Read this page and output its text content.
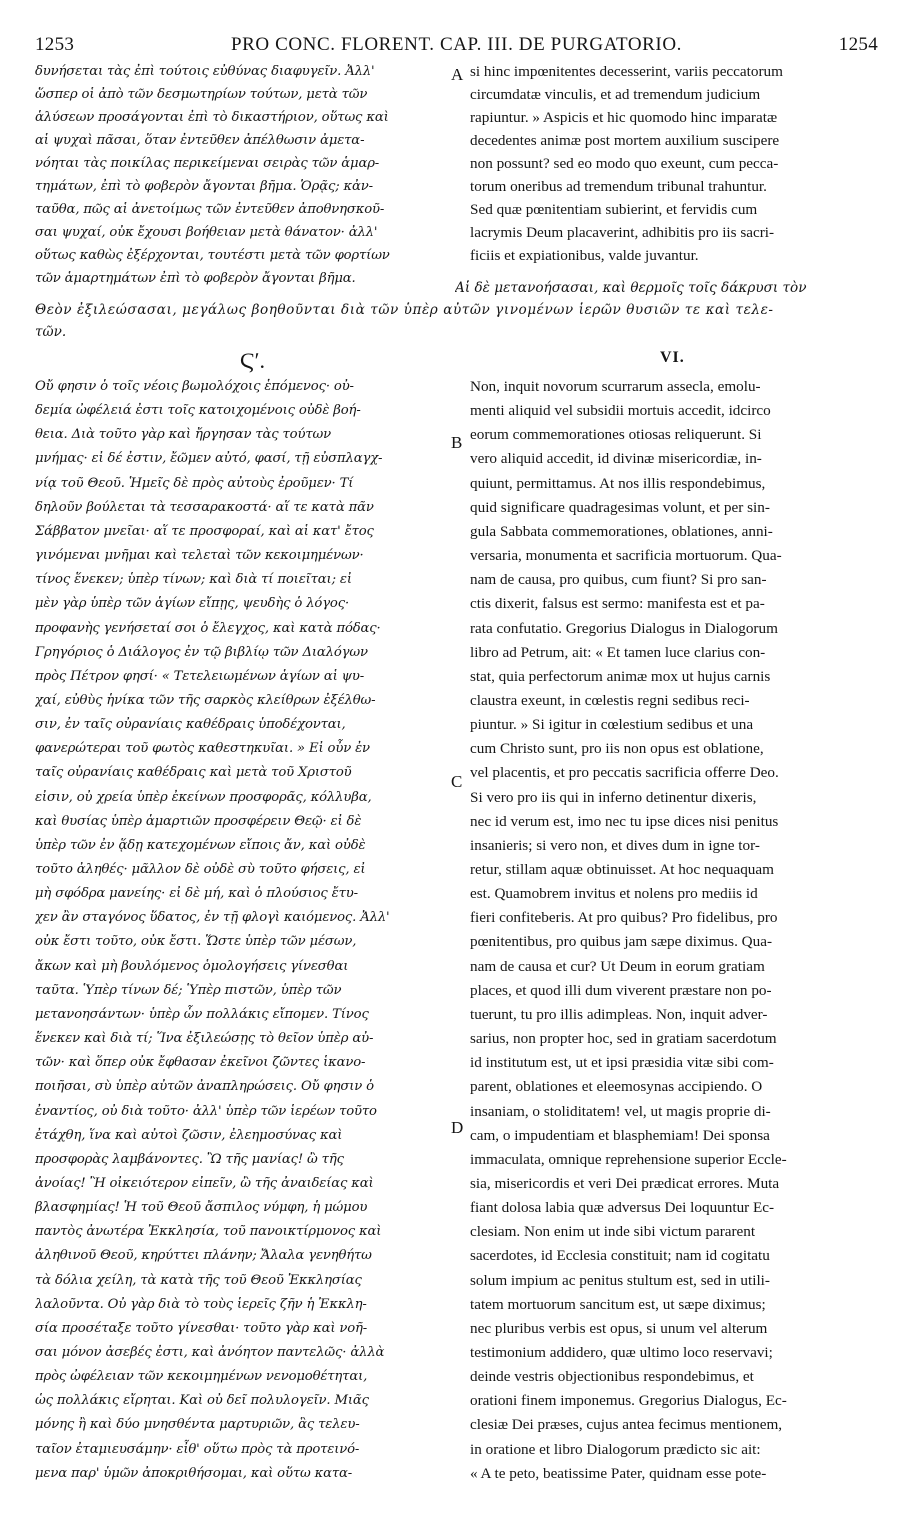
PRO CONC. FLORENT. CAP. III. DE PURGATORIO.
1253	1254
δυνήσεται τὰς ἐπὶ τούτοις εὐθύνας διαφυγεῖν. Ἀλλ'
ὥσπερ οἱ ἀπὸ τῶν δεσμωτηρίων τούτων, μετὰ τῶν
ἁλύσεων προσάγονται ἐπὶ τὸ δικαστήριον, οὕτως καὶ
αἱ ψυχαὶ πᾶσαι, ὅταν ἐντεῦθεν ἀπέλθωσιν ἀμετα-
νόηται τὰς ποικίλας περικείμεναι σειρὰς τῶν ἁμαρ-
τημάτων, ἐπὶ τὸ φοβερὸν ἄγονται βῆμα. Ὁρᾷς; κἀν-
ταῦθα, πῶς αἱ ἀνετοίμως τῶν ἐντεῦθεν ἀποθνησκοῦ-
σαι ψυχαί, οὐκ ἔχουσι βοήθειαν μετὰ θάνατον· ἀλλ'
οὕτως καθὼς ἐξέρχονται, τουτέστι μετὰ τῶν φορτίων
τῶν ἁμαρτημάτων ἐπὶ τὸ φοβερὸν ἄγονται βῆμα.
si hinc impœnitentes decesserint, variis peccatorum
circumdatæ vinculis, et ad tremendum judicium
rapiuntur. » Aspicis et hic quomodo hinc imparatæ
decedentes animæ post mortem auxilium suscipere
non possunt? sed eo modo quo exeunt, cum pecca-
torum oneribus ad tremendum tribunal trahuntur.
Sed quæ pœnitentiam subierint, et fervidis cum
lacrymis Deum placaverint, adhibitis pro iis sacri-
ficiis et expiationibus, valde juvantur.
Αἱ δὲ μετανοήσασαι, καὶ θερμοῖς τοῖς δάκρυσι τὸν
Θεὸν ἐξιλεώσασαι, μεγάλως βοηθοῦνται διὰ τῶν ὑπὲρ αὐτῶν γινομένων ἱερῶν θυσιῶν τε καὶ τελε-
τῶν.
Ϛʹ.	VI.
Οὔ φησιν ὁ τοῖς νέοις βωμολόχοις ἑπόμενος· οὐ-
δεμία ὠφέλειά ἐστι τοῖς κατοιχομένοις οὐδὲ βοή-
θεια. Διὰ τοῦτο γὰρ καὶ ἤργησαν τὰς τούτων
μνήμας· εἰ δέ ἐστιν, ἔῶμεν αὐτό, φασί, τῇ εὐσπλαγχ-
νίᾳ τοῦ Θεοῦ. Ἡμεῖς δὲ πρὸς αὐτοὺς ἐροῦμεν· Τί
δηλοῦν βούλεται τὰ τεσσαρακοστά· αἵ τε κατὰ πᾶν
Σάββατον μνεῖαι· αἵ τε προσφοραί, καὶ αἱ κατ' ἔτος
γινόμεναι μνῆμαι καὶ τελεταὶ τῶν κεκοιμημένων·
τίνος ἕνεκεν; ὑπὲρ τίνων; καὶ διὰ τί ποιεῖται; εἰ
μὲν γὰρ ὑπὲρ τῶν ἁγίων εἴπῃς, ψευδὴς ὁ λόγος·
προφανὴς γενήσεταί σοι ὁ ἔλεγχος, καὶ κατὰ πόδας·
Γρηγόριος ὁ Διάλογος ἐν τῷ βιβλίῳ τῶν Διαλόγων
πρὸς Πέτρον φησί· « Τετελειωμένων ἁγίων αἱ ψυ-
χαί, εὐθὺς ἡνίκα τῶν τῆς σαρκὸς κλείθρων ἐξέλθω-
σιν, ἐν ταῖς οὐρανίαις καθέδραις ὑποδέχονται,
φανερώτεραι τοῦ φωτὸς καθεστηκυῖαι. » Εἰ οὖν ἐν
ταῖς οὐρανίαις καθέδραις καὶ μετὰ τοῦ Χριστοῦ
εἰσιν, οὐ χρεία ὑπὲρ ἐκείνων προσφορᾶς, κόλλυβα,
καὶ θυσίας ὑπὲρ ἁμαρτιῶν προσφέρειν Θεῷ· εἰ δὲ
ὑπὲρ τῶν ἐν ᾅδῃ κατεχομένων εἴποις ἄν, καὶ οὐδὲ
τοῦτο ἀληθές· μᾶλλον δὲ οὐδὲ σὺ τοῦτο φήσεις, εἰ
μὴ σφόδρα μανείης· εἰ δὲ μή, καὶ ὁ πλούσιος ἔτυ-
χεν ἂν σταγόνος ὕδατος, ἐν τῇ φλογὶ καιόμενος. Ἀλλ'
οὐκ ἔστι τοῦτο, οὐκ ἔστι. Ὥστε ὑπὲρ τῶν μέσων,
ἄκων καὶ μὴ βουλόμενος ὁμολογήσεις γίνεσθαι
ταῦτα. Ὑπὲρ τίνων δέ; Ὑπὲρ πιστῶν, ὑπὲρ τῶν
μετανοησάντων· ὑπὲρ ὧν πολλάκις εἴπομεν. Τίνος
ἕνεκεν καὶ διὰ τί; Ἵνα ἐξιλεώσῃς τὸ θεῖον ὑπὲρ αὐ-
τῶν· καὶ ὅπερ οὐκ ἔφθασαν ἐκεῖνοι ζῶντες ἱκανο-
ποιῆσαι, σὺ ὑπὲρ αὐτῶν ἀναπληρώσεις. Οὔ φησιν ὁ
ἐναντίος, οὐ διὰ τοῦτο· ἀλλ' ὑπὲρ τῶν ἱερέων τοῦτο
ἐτάχθη, ἵνα καὶ αὐτοὶ ζῶσιν, ἐλεημοσύνας καὶ
προσφορὰς λαμβάνοντες. Ὢ τῆς μανίας! ὢ τῆς
ἀνοίας! Ἢ οἰκειότερον εἰπεῖν, ὢ τῆς ἀναιδείας καὶ
βλασφημίας! Ἡ τοῦ Θεοῦ ἄσπιλος νύμφη, ἡ μώμου
παντὸς ἀνωτέρα Ἐκκλησία, τοῦ πανοικτίρμονος καὶ
ἀληθινοῦ Θεοῦ, κηρύττει πλάνην; Ἄλαλα γενηθήτω
τὰ δόλια χείλη, τὰ κατὰ τῆς τοῦ Θεοῦ Ἐκκλησίας
λαλοῦντα. Οὐ γὰρ διὰ τὸ τοὺς ἱερεῖς ζῆν ἡ Ἐκκλη-
σία προσέταξε τοῦτο γίνεσθαι· τοῦτο γὰρ καὶ νοῆ-
σαι μόνον ἀσεβές ἐστι, καὶ ἀνόητον παντελῶς· ἀλλὰ
πρὸς ὠφέλειαν τῶν κεκοιμημένων νενομοθέτηται,
ὡς πολλάκις εἴρηται. Καὶ οὐ δεῖ πολυλογεῖν. Μιᾶς
μόνης ἢ καὶ δύο μνησθέντα μαρτυριῶν, ἃς τελευ-
ταῖον ἐταμιευσάμην· εἶθ' οὕτω πρὸς τὰ προτεινό-
μενα παρ' ὑμῶν ἀποκριθήσομαι, καὶ οὕτω κατα-
Non, inquit novorum scurrarum assecla, emolu-
menti aliquid vel subsidii mortuis accedit, idcirco
eorum commemorationes otiosas reliquerunt. Si
vero aliquid accedit, id divinæ misericordiæ, in-
quiunt, permittamus. At nos illis respondebimus,
quid significare quadragesimas volunt, et per sin-
gula Sabbata commemorationes, oblationes, anni-
versaria, monumenta et sacrificia mortuorum. Qua-
nam de causa, pro quibus, cum fiunt? Si pro san-
ctis dixerit, falsus est sermo: manifesta est et pa-
rata confutatio. Gregorius Dialogus in Dialogorum
libro ad Petrum, ait: « Et tamen luce clarius con-
stat, quia perfectorum animæ mox ut hujus carnis
claustra exeunt, in cœlestis regni sedibus reci-
piuntur. » Si igitur in cœlestium sedibus et una
cum Christo sunt, pro iis non opus est oblatione,
vel placentis, et pro peccatis sacrificia offerre Deo.
Si vero pro iis qui in inferno detinentur dixeris,
nec id verum est, imo nec tu ipse dices nisi penitus
insanieris; si vero non, et dives dum in igne tor-
retur, stillam aquæ obtinuisset. At hoc nequaquam
est. Quamobrem invitus et nolens pro mediis id
fieri confiteberis. At pro quibus? Pro fidelibus, pro
pœnitentibus, pro quibus jam sæpe diximus. Qua-
nam de causa et cur? Ut Deum in eorum gratiam
places, et quod illi dum viverent præstare non po-
tuerunt, tu pro illis adimpleas. Non, inquit adver-
sarius, non propter hoc, sed in gratiam sacerdotum
id institutum est, ut et ipsi præsidia vitæ sibi com-
parent, oblationes et eleemosynas accipiendo. O
insaniam, o stoliditatem! vel, ut magis proprie di-
cam, o impudentiam et blasphemiam! Dei sponsa
immaculata, omnique reprehensione superior Eccle-
sia, misericordis et veri Dei prædicat errores. Muta
fiant dolosa labia quæ adversus Dei loquuntur Ec-
clesiam. Non enim ut inde sibi victum pararent
sacerdotes, id Ecclesia constituit; nam id cogitatu
solum impium ac penitus stultum est, sed in utili-
tatem mortuorum sancitum est, ut sæpe diximus;
nec pluribus verbis est opus, si unum vel alterum
testimonium addidero, quæ ultimo loco reservavi;
deinde vestris objectionibus respondebimus, et
orationi finem imponemus. Gregorius Dialogus, Ec-
clesiæ Dei præses, cujus antea fecimus mentionem,
in oratione et libro Dialogorum prædicto sic ait:
« A te peto, beatissime Pater, quidnam esse pote-
A
B
C
D
